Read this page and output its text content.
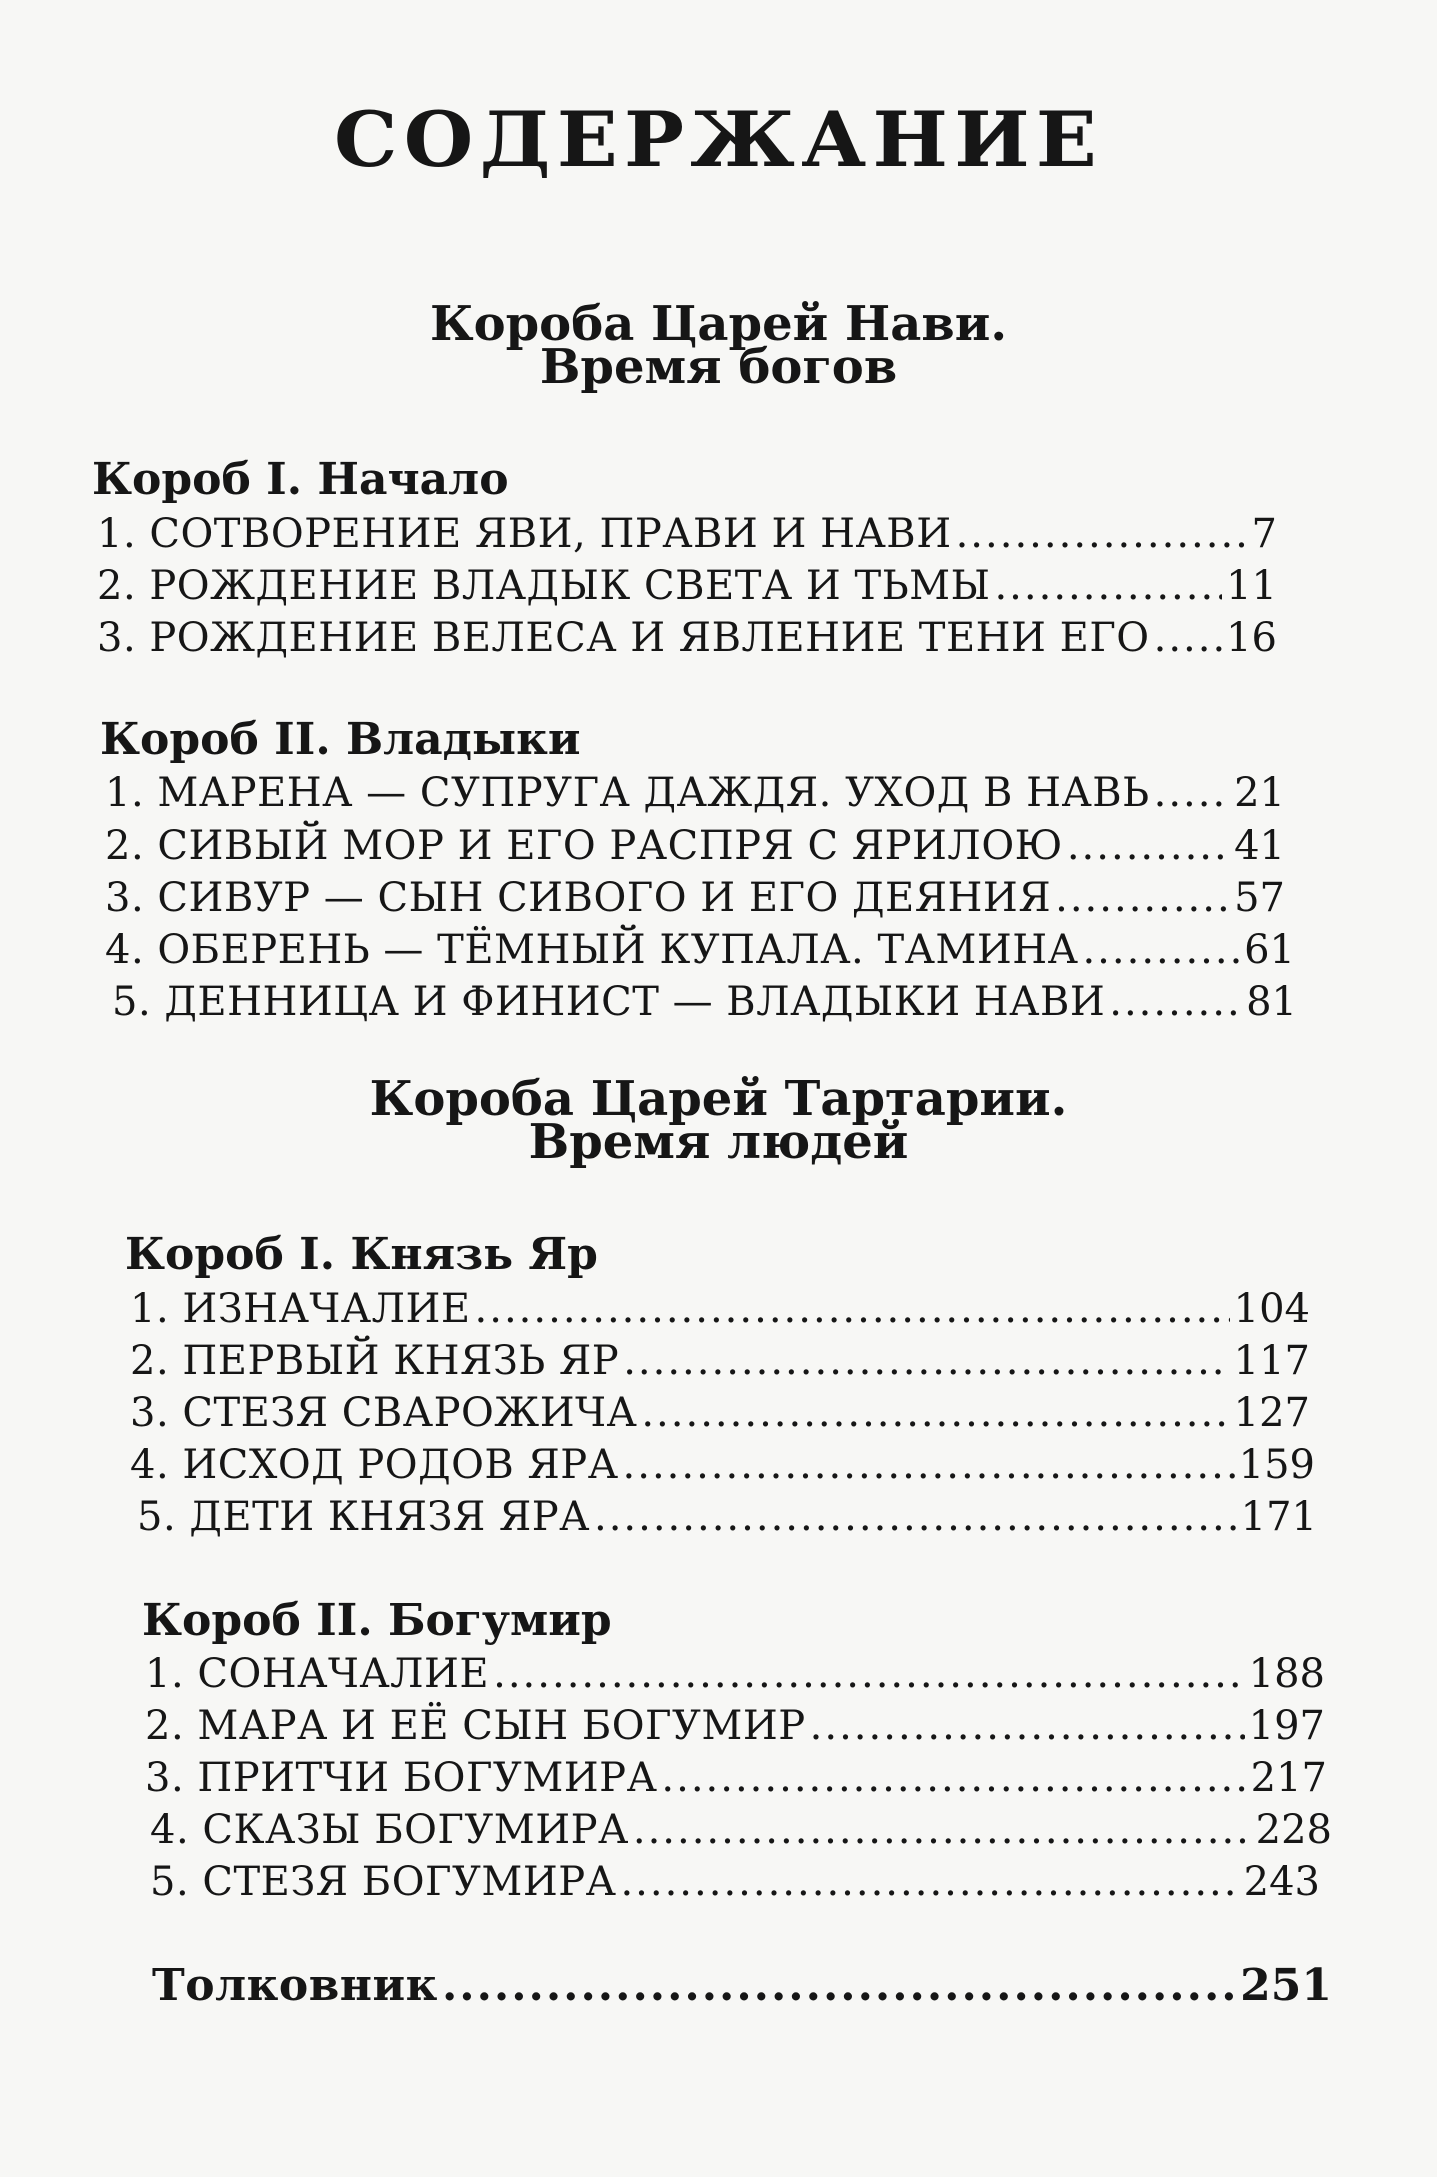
СОДЕРЖАНИЕ
Короба Царей Нави.
Время богов
Короб I. Начало
1. СОТВОРЕНИЕ ЯВИ, ПРАВИ И НАВИ .....	7
2. РОЖДЕНИЕ ВЛАДЫК СВЕТА И ТЬМЫ .....	11
3. РОЖДЕНИЕ ВЕЛЕСА И ЯВЛЕНИЕ ТЕНИ ЕГО ..... 16
Короб II. Владыки
1. МАРЕНА — СУПРУГА ДАЖДЯ. УХОД В НАВЬ ..... 21
2. СИВЫЙ МОР И ЕГО РАСПРЯ С ЯРИЛОЮ .....	41
3. СИВУР — СЫН СИВОГО И ЕГО ДЕЯНИЯ .....	57
4. ОБЕРЕНЬ — ТЁМНЫЙ КУПАЛА. ТАМИНА .....	61
5. ДЕННИЦА И ФИНИСТ — ВЛАДЫКИ НАВИ .....	81
Короба Царей Тартарии.
Время людей
Короб I. Князь Яр
1. ИЗНАЧАЛИЕ .....	104
2. ПЕРВЫЙ КНЯЗЬ ЯР .....	117
3. СТЕЗЯ СВАРОЖИЧА .....	127
4. ИСХОД РОДОВ ЯРА .....	159
5. ДЕТИ КНЯЗЯ ЯРА .....	171
Короб II. Богумир
1. СОНАЧАЛИЕ .....	188
2. МАРА И ЕЁ СЫН БОГУМИР .....	197
3. ПРИТЧИ БОГУМИРА .....	217
4. СКАЗЫ БОГУМИРА .....	228
5. СТЕЗЯ БОГУМИРА .....	243
Толковник .....	251
